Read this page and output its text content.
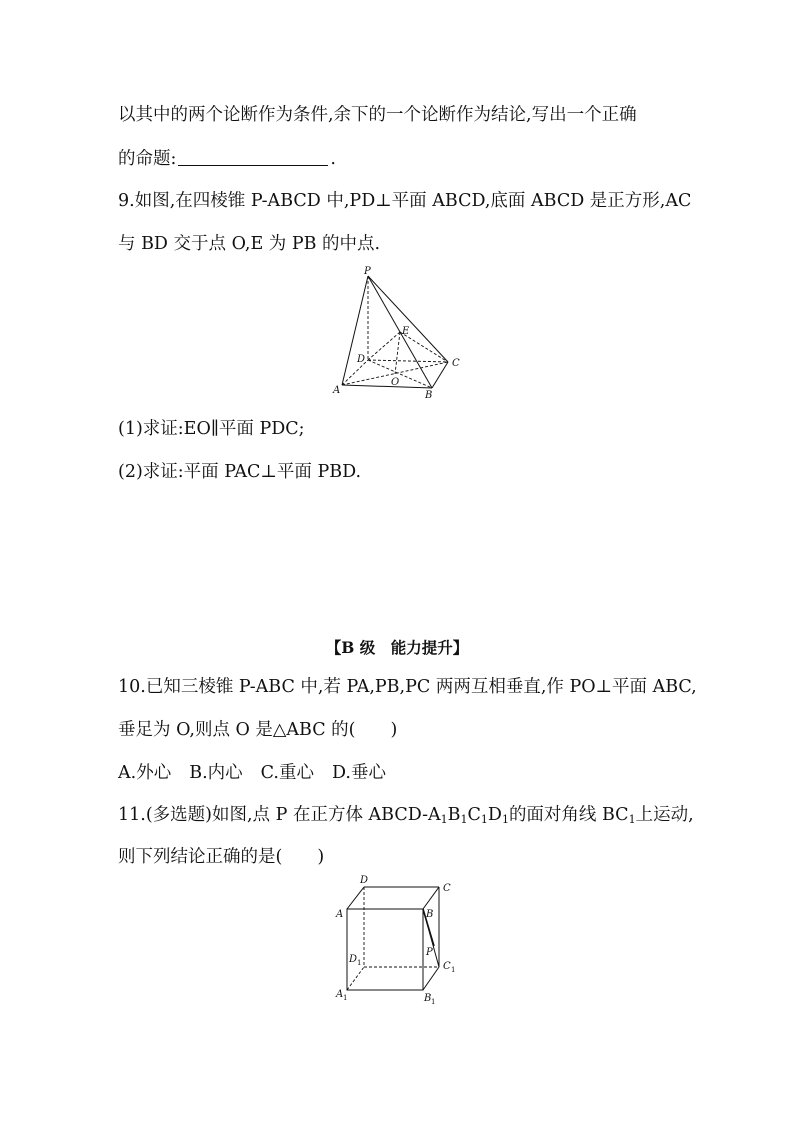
以其中的两个论断作为条件,余下的一个论断作为结论,写出一个正确
的命题:	.
9.如图,在四棱锥 P-ABCD 中,PD⊥平面 ABCD,底面 ABCD 是正方形,AC
与 BD 交于点 O,E 为 PB 的中点.
P
E
D	C
O
A	B
(1)求证:EO∥平面 PDC;
(2)求证:平面 PAC⊥平面 PBD.
【B 级　能力提升】
10.已知三棱锥 P-ABC 中,若 PA,PB,PC 两两互相垂直,作 PO⊥平面 ABC,
垂足为 O,则点 O 是△ABC 的(　　)
A.外心 B.内心 C.重心 D.垂心
11.(多选题)如图,点 P 在正方体 ABCD-$A_1B_1C_1D_1$的面对角线 $BC_1$上运动,
则下列结论正确的是(　　)
D
C
A	B
P
D 1	C 1
A 1	B 1
